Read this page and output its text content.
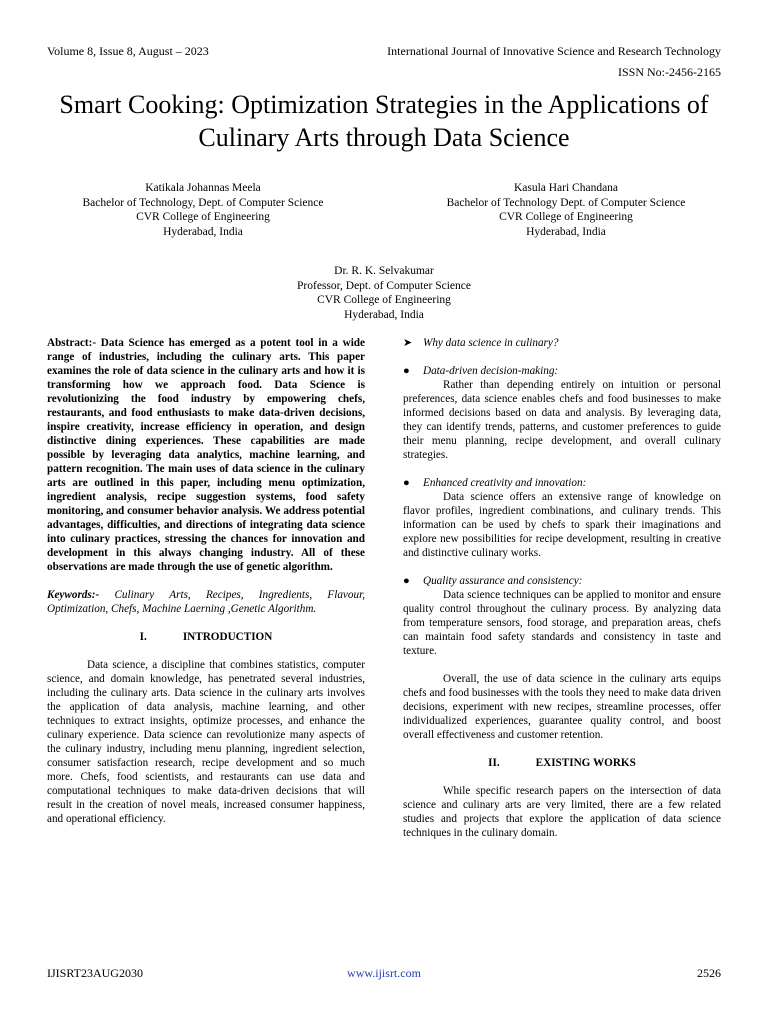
Volume 8, Issue 8, August – 2023	International Journal of Innovative Science and Research Technology
ISSN No:-2456-2165
Smart Cooking: Optimization Strategies in the Applications of Culinary Arts through Data Science
Katikala Johannas Meela
Bachelor of Technology, Dept. of Computer Science
CVR College of Engineering
Hyderabad, India
Kasula Hari Chandana
Bachelor of Technology Dept. of Computer Science
CVR College of Engineering
Hyderabad, India
Dr. R. K. Selvakumar
Professor, Dept. of Computer Science
CVR College of Engineering
Hyderabad, India
Abstract:- Data Science has emerged as a potent tool in a wide range of industries, including the culinary arts. This paper examines the role of data science in the culinary arts and how it is transforming how we approach food. Data Science is revolutionizing the food industry by empowering chefs, restaurants, and food enthusiasts to make data-driven decisions, inspire creativity, increase efficiency in operation, and design distinctive dining experiences. These capabilities are made possible by leveraging data analytics, machine learning, and pattern recognition. The main uses of data science in the culinary arts are outlined in this paper, including menu optimization, ingredient analysis, recipe suggestion systems, food safety monitoring, and consumer behavior analysis. We address potential advantages, difficulties, and directions of integrating data science into culinary practices, stressing the chances for innovation and development in this always changing industry. All of these observations are made through the use of genetic algorithm.
Keywords:- Culinary Arts, Recipes, Ingredients, Flavour, Optimization, Chefs, Machine Laerning ,Genetic Algorithm.
I.	INTRODUCTION
Data science, a discipline that combines statistics, computer science, and domain knowledge, has penetrated several industries, including the culinary arts. Data science in the culinary arts involves the application of data analysis, machine learning, and other techniques to extract insights, optimize processes, and enhance the culinary experience. Data science can revolutionize many aspects of the culinary industry, including menu planning, ingredient selection, consumer satisfaction research, recipe development and so much more. Chefs, food scientists, and restaurants can use data and computational techniques to make data-driven decisions that will result in the creation of novel meals, increased consumer happiness, and operational efficiency.
➤ Why data science in culinary?
●	Data-driven decision-making:
Rather than depending entirely on intuition or personal preferences, data science enables chefs and food businesses to make informed decisions based on data and analysis. By leveraging data, they can identify trends, patterns, and customer preferences to guide their menu planning, recipe development, and overall culinary strategies.
●	Enhanced creativity and innovation:
Data science offers an extensive range of knowledge on flavor profiles, ingredient combinations, and culinary trends. This information can be used by chefs to spark their imaginations and explore new possibilities for recipe development, resulting in creative and distinctive culinary works.
●	Quality assurance and consistency:
Data science techniques can be applied to monitor and ensure quality control throughout the culinary process. By analyzing data from temperature sensors, food storage, and preparation areas, chefs can maintain food safety standards and consistency in taste and texture.
Overall, the use of data science in the culinary arts equips chefs and food businesses with the tools they need to make data driven decisions, experiment with new recipes, streamline processes, offer individualized experiences, guarantee quality control, and boost overall effectiveness and customer retention.
II.	EXISTING WORKS
While specific research papers on the intersection of data science and culinary arts are very limited, there are a few related studies and projects that explore the application of data science techniques in the culinary domain.
IJISRT23AUG2030	www.ijisrt.com	2526
